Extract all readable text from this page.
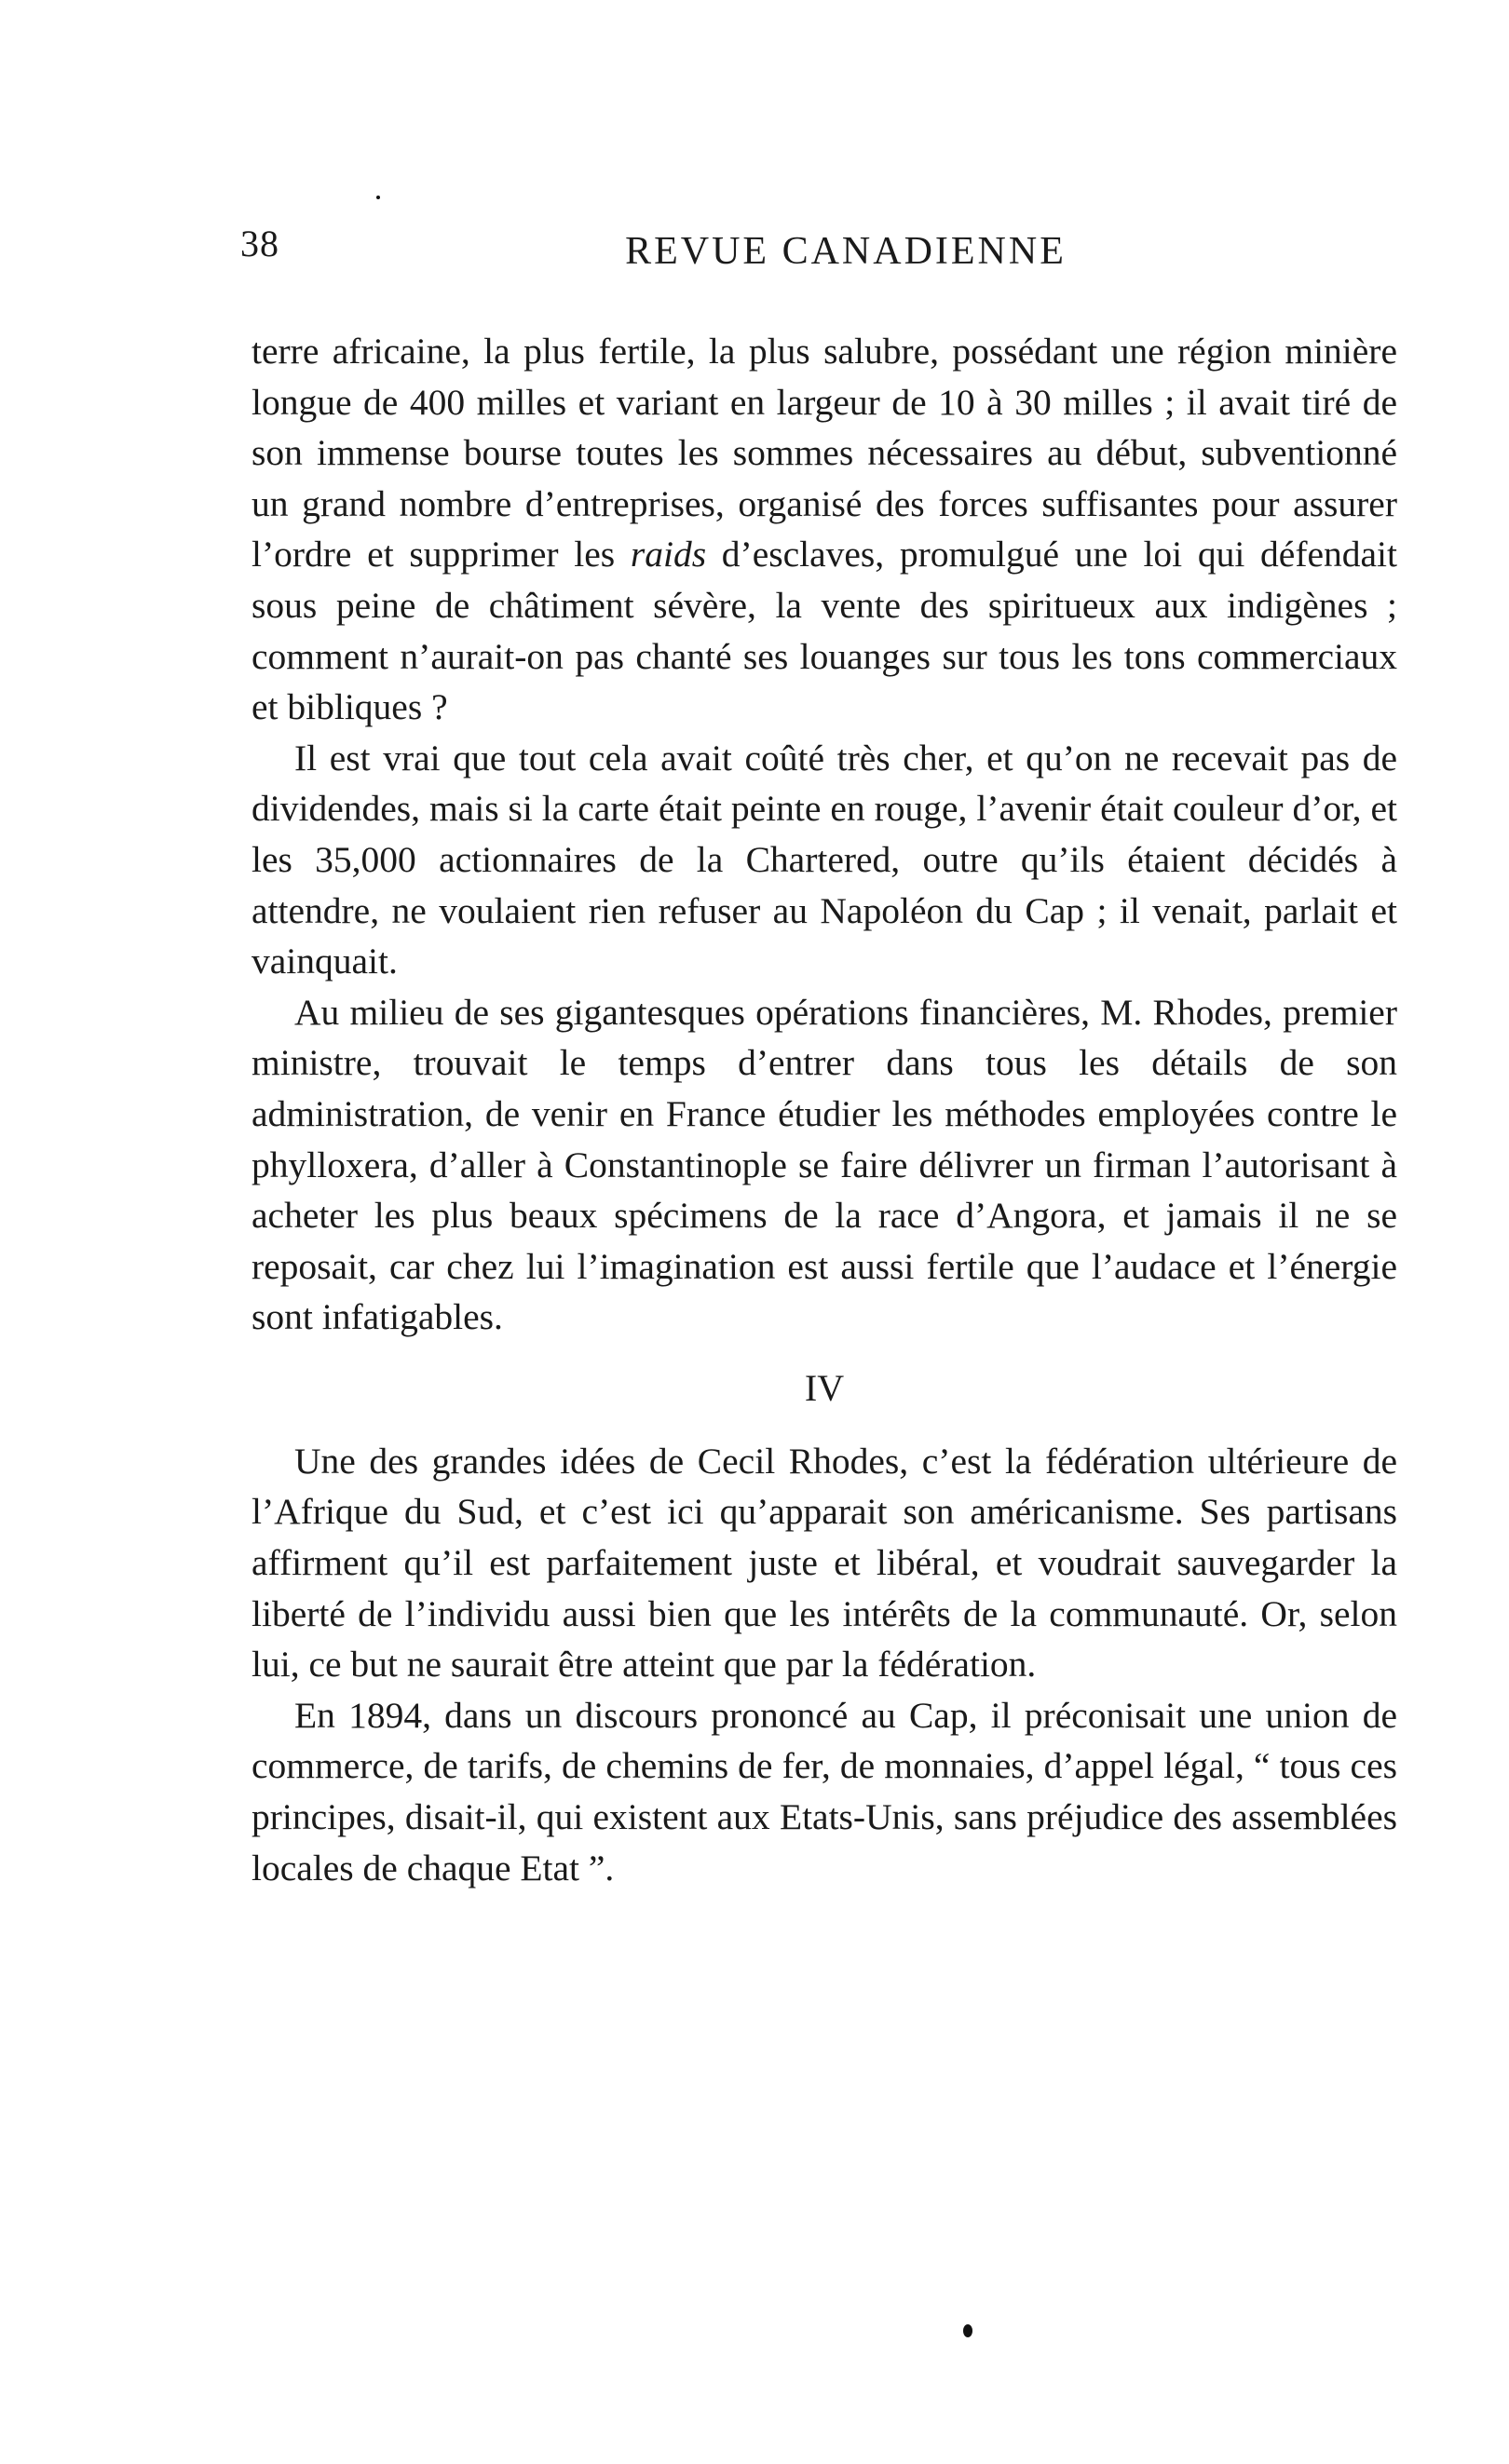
38	REVUE CANADIENNE

terre africaine, la plus fertile, la plus salubre, possédant une région minière longue de 400 milles et variant en largeur de 10 à 30 milles ; il avait tiré de son immense bourse toutes les sommes nécessaires au début, subventionné un grand nombre d’entreprises, organisé des forces suffisantes pour assurer l’ordre et supprimer les raids d’esclaves, promulgué une loi qui défendait sous peine de châtiment sévère, la vente des spiritueux aux indigènes ; comment n’aurait-on pas chanté ses louanges sur tous les tons commerciaux et bibliques ?

Il est vrai que tout cela avait coûté très cher, et qu’on ne recevait pas de dividendes, mais si la carte était peinte en rouge, l’avenir était couleur d’or, et les 35,000 actionnaires de la Chartered, outre qu’ils étaient décidés à attendre, ne voulaient rien refuser au Napoléon du Cap ; il venait, parlait et vainquait.

Au milieu de ses gigantesques opérations financières, M. Rhodes, premier ministre, trouvait le temps d’entrer dans tous les détails de son administration, de venir en France étudier les méthodes employées contre le phylloxera, d’aller à Constantinople se faire délivrer un firman l’autorisant à acheter les plus beaux spécimens de la race d’Angora, et jamais il ne se reposait, car chez lui l’imagination est aussi fertile que l’audace et l’énergie sont infatigables.

IV

Une des grandes idées de Cecil Rhodes, c’est la fédération ultérieure de l’Afrique du Sud, et c’est ici qu’apparait son américanisme. Ses partisans affirment qu’il est parfaitement juste et libéral, et voudrait sauvegarder la liberté de l’individu aussi bien que les intérêts de la communauté. Or, selon lui, ce but ne saurait être atteint que par la fédération.

En 1894, dans un discours prononcé au Cap, il préconisait une union de commerce, de tarifs, de chemins de fer, de monnaies, d’appel légal, “ tous ces principes, disait-il, qui existent aux Etats-Unis, sans préjudice des assemblées locales de chaque Etat ”.
